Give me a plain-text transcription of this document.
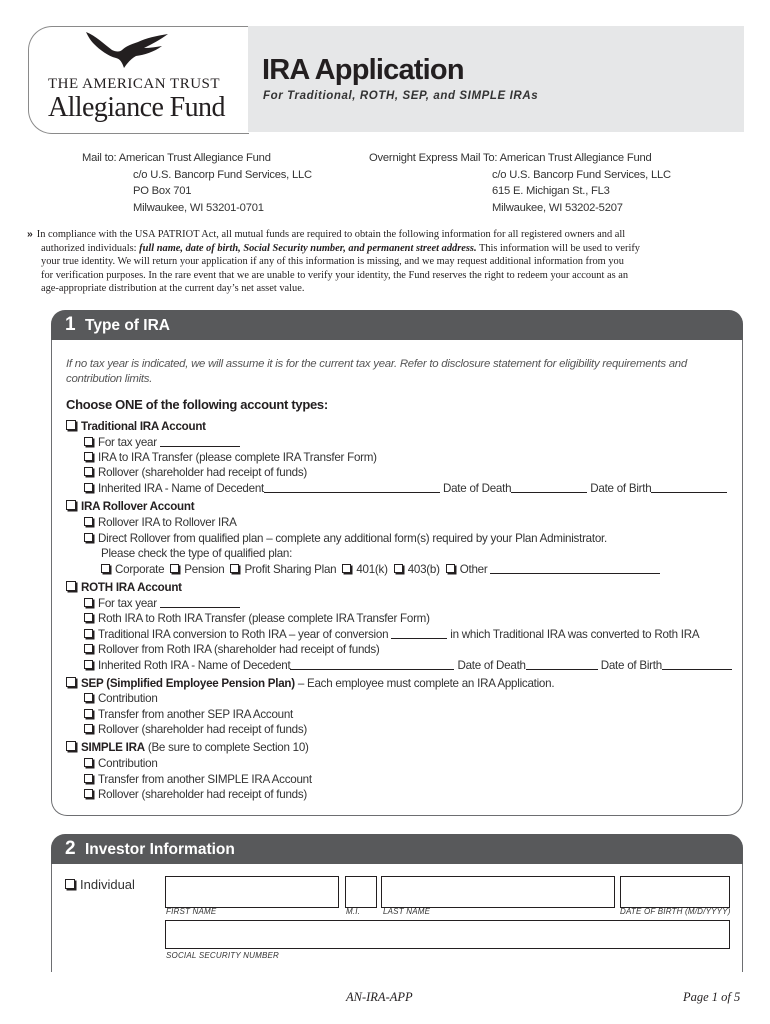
THE AMERICAN TRUST
Allegiance Fund
IRA Application
For Traditional, ROTH, SEP, and SIMPLE IRAs
Mail to: American Trust Allegiance Fund
c/o U.S. Bancorp Fund Services, LLC
PO Box 701
Milwaukee, WI 53201-0701
Overnight Express Mail To: American Trust Allegiance Fund
c/o U.S. Bancorp Fund Services, LLC
615 E. Michigan St., FL3
Milwaukee, WI 53202-5207
» In compliance with the USA PATRIOT Act, all mutual funds are required to obtain the following information for all registered owners and all
authorized individuals: full name, date of birth, Social Security number, and permanent street address. This information will be used to verify
your true identity. We will return your application if any of this information is missing, and we may request additional information from you
for verification purposes. In the rare event that we are unable to verify your identity, the Fund reserves the right to redeem your account as an
age-appropriate distribution at the current day’s net asset value.
1 Type of IRA
If no tax year is indicated, we will assume it is for the current tax year. Refer to disclosure statement for eligibility requirements and contribution limits.
Choose ONE of the following account types:
Traditional IRA Account
For tax year
IRA to IRA Transfer (please complete IRA Transfer Form)
Rollover (shareholder had receipt of funds)
Inherited IRA - Name of Decedent	Date of Death	Date of Birth
IRA Rollover Account
Rollover IRA to Rollover IRA
Direct Rollover from qualified plan – complete any additional form(s) required by your Plan Administrator.
Please check the type of qualified plan:
Corporate Pension Profit Sharing Plan 401(k) 403(b) Other
ROTH IRA Account
For tax year
Roth IRA to Roth IRA Transfer (please complete IRA Transfer Form)
Traditional IRA conversion to Roth IRA – year of conversion	in which Traditional IRA was converted to Roth IRA
Rollover from Roth IRA (shareholder had receipt of funds)
Inherited Roth IRA - Name of Decedent	Date of Death	Date of Birth
SEP (Simplified Employee Pension Plan) – Each employee must complete an IRA Application.
Contribution
Transfer from another SEP IRA Account
Rollover (shareholder had receipt of funds)
SIMPLE IRA (Be sure to complete Section 10)
Contribution
Transfer from another SIMPLE IRA Account
Rollover (shareholder had receipt of funds)
2 Investor Information
Individual
FIRST NAME	M.I.	LAST NAME	DATE OF BIRTH (M/D/YYYY)
SOCIAL SECURITY NUMBER
AN-IRA-APP	Page 1 of 5
